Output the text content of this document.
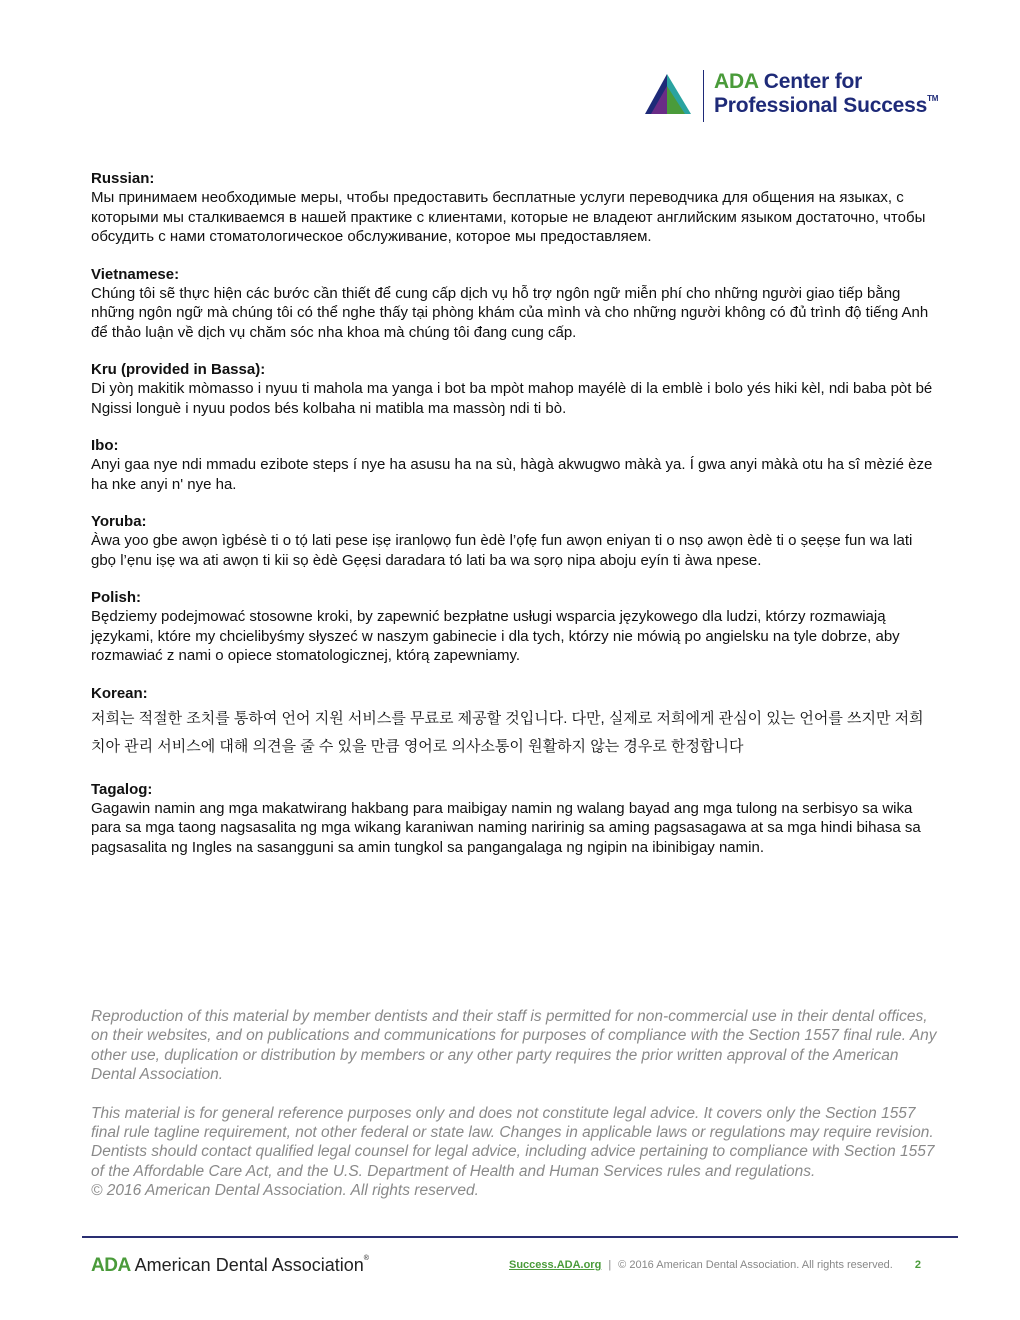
ADA Center for
Professional Success™
Russian:

Мы принимаем необходимые меры, чтобы предоставить бесплатные услуги переводчика для общения на языках, с которыми мы сталкиваемся в нашей практике с клиентами, которые не владеют английским языком достаточно, чтобы обсудить с нами стоматологическое обслуживание, которое мы предоставляем.

Vietnamese:

Chúng tôi sẽ thực hiện các bước cần thiết để cung cấp dịch vụ hỗ trợ ngôn ngữ miễn phí cho những người giao tiếp bằng những ngôn ngữ mà chúng tôi có thể nghe thấy tại phòng khám của mình và cho những người không có đủ trình độ tiếng Anh để thảo luận về dịch vụ chăm sóc nha khoa mà chúng tôi đang cung cấp.

Kru (provided in Bassa):

Di yòŋ makitik mòmasso i nyuu ti mahola ma yanga i bot ba mpòt mahop mayélè di la emblè i bolo yés hiki kèl, ndi baba pòt bé Ngissi longuè i nyuu podos bés kolbaha ni matibla ma massòŋ ndi ti bò.

Ibo:

Anyi gaa nye ndi mmadu ezibote steps í nye ha asusu ha na sù, hàgà akwugwo màkà ya. Í gwa anyi màkà otu ha sî mèzié èze ha nke anyi n' nye ha.

Yoruba:

Àwa yoo gbe awọn ìgbésè ti o tọ́ lati pese iṣẹ iranlọwọ fun èdè l’ọfẹ fun awọn eniyan ti o nsọ awọn èdè ti o ṣeẹṣe fun wa lati gbọ l’ẹnu iṣẹ wa ati awọn ti kii sọ èdè Gẹẹsi daradara tó lati ba wa sọrọ nipa aboju eyín ti àwa npese.

Polish:

Będziemy podejmować stosowne kroki, by zapewnić bezpłatne usługi wsparcia językowego dla ludzi, którzy rozmawiają językami, które my chcielibyśmy słyszeć w naszym gabinecie i dla tych, którzy nie mówią po angielsku na tyle dobrze, aby rozmawiać z nami o opiece stomatologicznej, którą zapewniamy.

Korean:

저희는 적절한 조치를 통하여 언어 지원 서비스를 무료로 제공할 것입니다. 다만, 실제로 저희에게 관심이 있는 언어를 쓰지만 저희 치아 관리 서비스에 대해 의견을 줄 수 있을 만큼 영어로 의사소통이 원활하지 않는 경우로 한정합니다

Tagalog:

Gagawin namin ang mga makatwirang hakbang para maibigay namin ng walang bayad ang mga tulong na serbisyo sa wika para sa mga taong nagsasalita ng mga wikang karaniwan naming naririnig sa aming pagsasagawa at sa mga hindi bihasa sa pagsasalita ng Ingles na sasangguni sa amin tungkol sa pangangalaga ng ngipin na ibinibigay namin.

Reproduction of this material by member dentists and their staff is permitted for non-commercial use in their dental offices, on their websites, and on publications and communications for purposes of compliance with the Section 1557 final rule. Any other use, duplication or distribution by members or any other party requires the prior written approval of the American Dental Association.

This material is for general reference purposes only and does not constitute legal advice. It covers only the Section 1557 final rule tagline requirement, not other federal or state law. Changes in applicable laws or regulations may require revision. Dentists should contact qualified legal counsel for legal advice, including advice pertaining to compliance with Section 1557 of the Affordable Care Act, and the U.S. Department of Health and Human Services rules and regulations.

© 2016 American Dental Association. All rights reserved.

ADA American Dental Association®
Success.ADA.org | © 2016 American Dental Association. All rights reserved. 2
